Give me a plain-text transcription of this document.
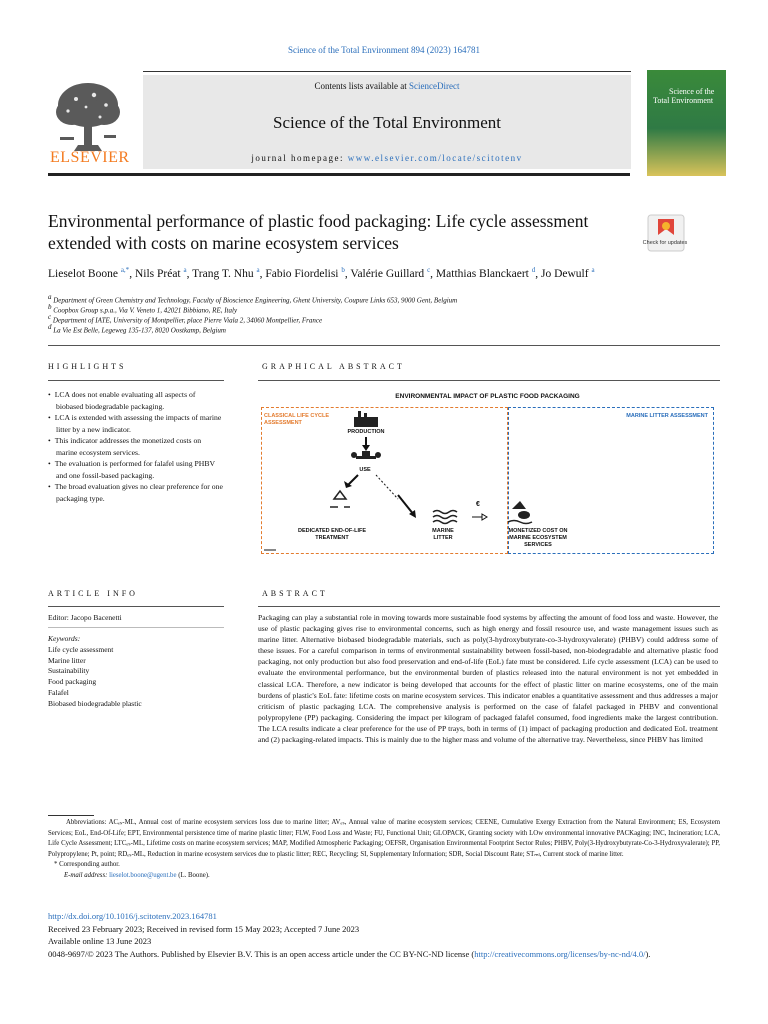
Science of the Total Environment 894 (2023) 164781
Contents lists available at ScienceDirect
Science of the Total Environment
journal homepage: www.elsevier.com/locate/scitotenv
ELSEVIER
Science of the
Total Environment
Environmental performance of plastic food packaging: Life cycle assessment extended with costs on marine ecosystem services	Check for updates
Lieselot Boone $^{a,*}$, Nils Préat $^a$, Trang T. Nhu $^a$, Fabio Fiordelisi $^b$, Valérie Guillard $^c$, Matthias Blanckaert $^d$, Jo Dewulf $^a$
$^a$ Department of Green Chemistry and Technology, Faculty of Bioscience Engineering, Ghent University, Coupure Links 653, 9000 Gent, Belgium
$^b$ Coopbox Group s.p.a., Via V. Veneto 1, 42021 Bibbiano, RE, Italy
$^c$ Department of IATE, University of Montpellier, place Pierre Viala 2, 34060 Montpellier, France
$^d$ La Vie Est Belle, Legeweg 135-137, 8020 Oostkamp, Belgium
HIGHLIGHTS
• LCA does not enable evaluating all aspects of biobased biodegradable packaging.
• LCA is extended with assessing the impacts of marine litter by a new indicator.
• This indicator addresses the monetized costs on marine ecosystem services.
• The evaluation is performed for falafel using PHBV and one fossil-based packaging.
• The broad evaluation gives no clear preference for one packaging type.
GRAPHICAL ABSTRACT
ENVIRONMENTAL IMPACT OF PLASTIC FOOD PACKAGING
CLASSICAL LIFE CYCLE ASSESSMENT
MARINE LITTER ASSESSMENT
PRODUCTION
USE
DEDICATED END-OF-LIFE TREATMENT
MARINE LITTER
MONETIZED COST ON MARINE ECOSYSTEM SERVICES
€
ARTICLE INFO
Editor: Jacopo Bacenetti
Keywords:
Life cycle assessment
Marine litter
Sustainability
Food packaging
Falafel
Biobased biodegradable plastic
ABSTRACT
Packaging can play a substantial role in moving towards more sustainable food systems by affecting the amount of food loss and waste. However, the use of plastic packaging gives rise to environmental concerns, such as high energy and fossil resource use, and waste management issues such as marine litter. Alternative biobased biodegradable materials, such as poly(3-hydroxybutyrate-co-3-hydroxyvalerate) (PHBV) could address some of these issues. For a careful comparison in terms of environmental sustainability between fossil-based, non-biodegradable and alternative plastic food packaging, not only production but also food preservation and end-of-life (EoL) fate must be considered. Life cycle assessment (LCA) can be used to evaluate the environmental performance, but the environmental burden of plastics released into the natural environment is not yet embedded in classical LCA. Therefore, a new indicator is being developed that accounts for the effect of plastic litter on marine ecosystems, one of the main burdens of plastic's EoL fate: lifetime costs on marine ecosystem services. This indicator enables a quantitative assessment and thus addresses a major criticism of plastic packaging LCA. The comprehensive analysis is performed on the case of falafel packaged in PHBV and conventional polypropylene (PP) packaging. Considering the impact per kilogram of packaged falafel consumed, food ingredients make the largest contribution. The LCA results indicate a clear preference for the use of PP trays, both in terms of (1) impact of packaging production and dedicated EoL treatment and (2) packaging-related impacts. This is mainly due to the higher mass and volume of the alternative tray. Nevertheless, since PHBV has limited
Abbreviations: ACₑₛ-ML, Annual cost of marine ecosystem services loss due to marine litter; AVₑₛ, Annual value of marine ecosystem services; CEENE, Cumulative Exergy Extraction from the Natural Environment; ES, Ecosystem Services; EoL, End-Of-Life; EPT, Environmental persistence time of marine plastic litter; FLW, Food Loss and Waste; FU, Functional Unit; GLOPACK, Granting society with LOw environmental innovative PACKaging; INC, Incineration; LCA, Life Cycle Assessment; LTCₑₛ-ML, Lifetime costs on marine ecosystem services; MAP, Modified Atmospheric Packaging; OEFSR, Organisation Environmental Footprint Sector Rules; PHBV, Poly(3-Hydroxybutyrate-Co-3-Hydroxyvalerate); PP, Polypropylene; Pt, point; RDₑₛ-ML, Reduction in marine ecosystem services due to plastic litter; REC, Recycling; SI, Supplementary Information; SDR, Social Discount Rate; STₘₗ, Current stock of marine litter.
* Corresponding author.
E-mail address: lieselot.boone@ugent.be (L. Boone).
http://dx.doi.org/10.1016/j.scitotenv.2023.164781
Received 23 February 2023; Received in revised form 15 May 2023; Accepted 7 June 2023
Available online 13 June 2023
0048-9697/© 2023 The Authors. Published by Elsevier B.V. This is an open access article under the CC BY-NC-ND license (http://creativecommons.org/licenses/by-nc-nd/4.0/).
